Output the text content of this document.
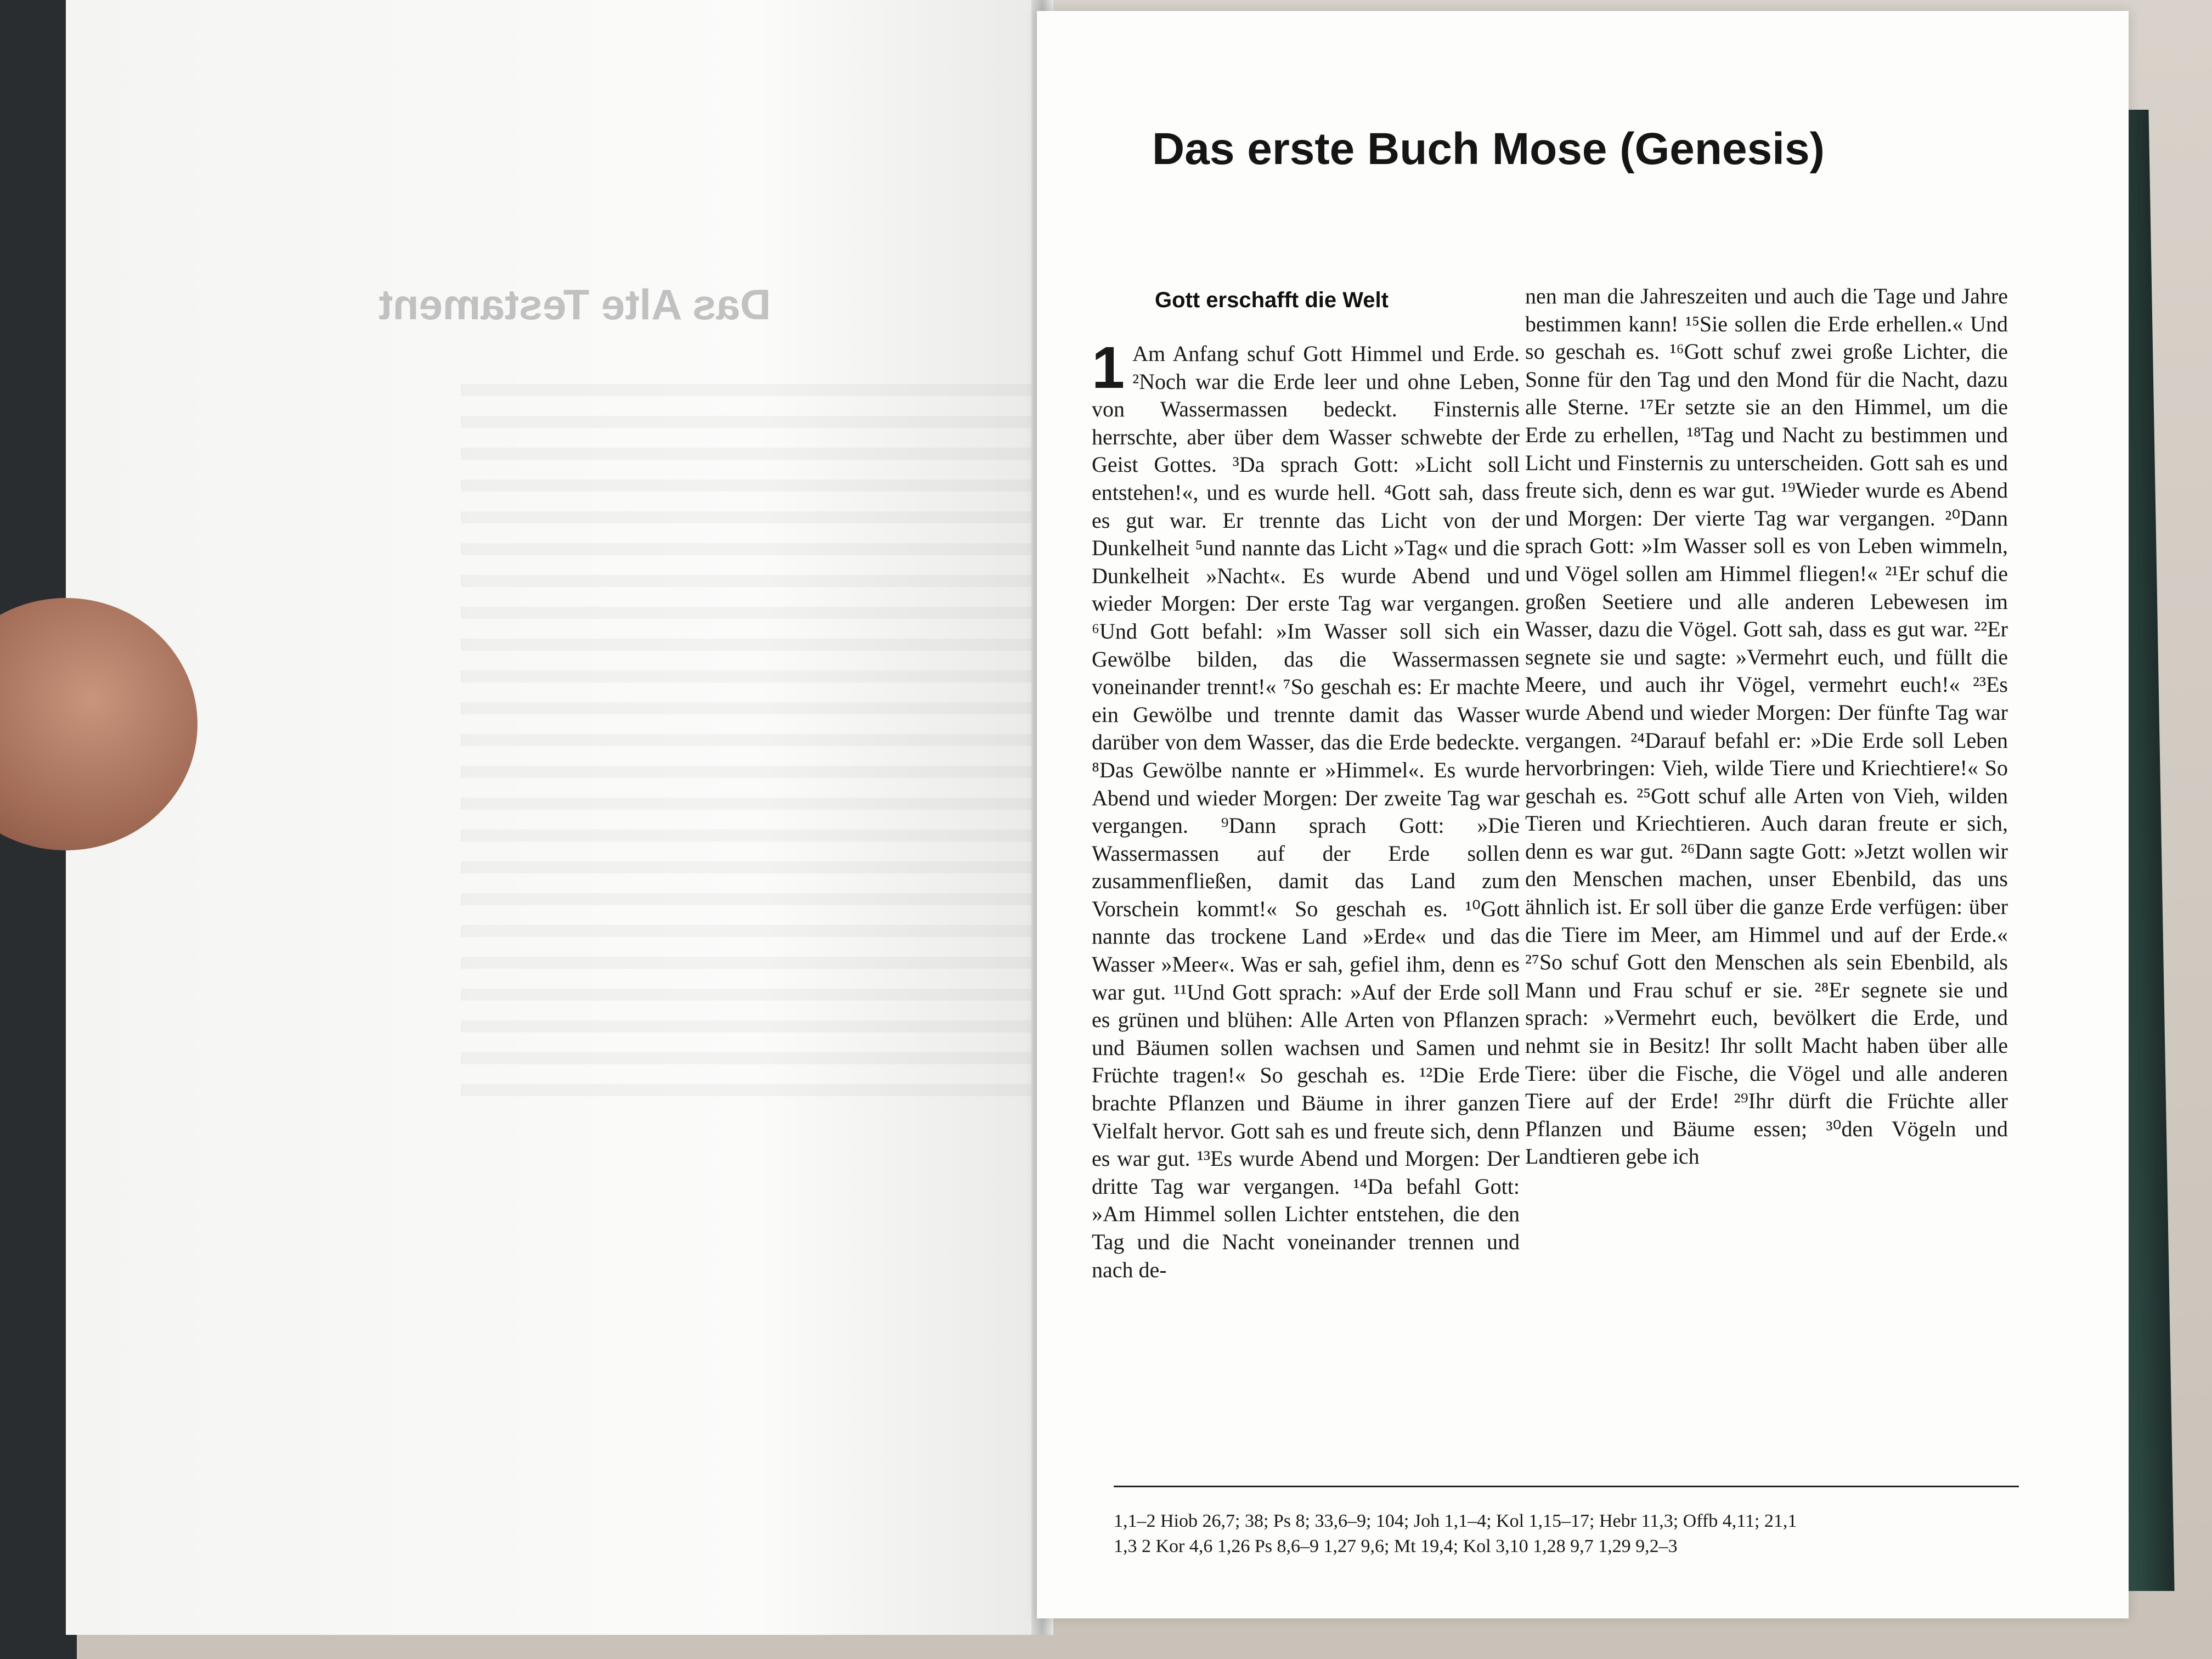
Das Alte Testament
Das erste Buch Mose (Genesis)
Gott erschafft die Welt
1 Am Anfang schuf Gott Himmel und Erde. ²Noch war die Erde leer und ohne Leben, von Wassermassen bedeckt. Finsternis herrschte, aber über dem Wasser schwebte der Geist Gottes. ³Da sprach Gott: »Licht soll entstehen!«, und es wurde hell. ⁴Gott sah, dass es gut war. Er trennte das Licht von der Dunkelheit ⁵und nannte das Licht »Tag« und die Dunkelheit »Nacht«. Es wurde Abend und wieder Morgen: Der erste Tag war vergangen. ⁶Und Gott befahl: »Im Wasser soll sich ein Gewölbe bilden, das die Wassermassen voneinander trennt!« ⁷So geschah es: Er machte ein Gewölbe und trennte damit das Wasser darüber von dem Wasser, das die Erde bedeckte. ⁸Das Gewölbe nannte er »Himmel«. Es wurde Abend und wieder Morgen: Der zweite Tag war vergangen. ⁹Dann sprach Gott: »Die Wassermassen auf der Erde sollen zusammenfließen, damit das Land zum Vorschein kommt!« So geschah es. ¹⁰Gott nannte das trockene Land »Erde« und das Wasser »Meer«. Was er sah, gefiel ihm, denn es war gut. ¹¹Und Gott sprach: »Auf der Erde soll es grünen und blühen: Alle Arten von Pflanzen und Bäumen sollen wachsen und Samen und Früchte tragen!« So geschah es. ¹²Die Erde brachte Pflanzen und Bäume in ihrer ganzen Vielfalt hervor. Gott sah es und freute sich, denn es war gut. ¹³Es wurde Abend und Morgen: Der dritte Tag war vergangen. ¹⁴Da befahl Gott: »Am Himmel sollen Lichter entstehen, die den Tag und die Nacht voneinander trennen und nach de-
nen man die Jahreszeiten und auch die Tage und Jahre bestimmen kann! ¹⁵Sie sollen die Erde erhellen.« Und so geschah es. ¹⁶Gott schuf zwei große Lichter, die Sonne für den Tag und den Mond für die Nacht, dazu alle Sterne. ¹⁷Er setzte sie an den Himmel, um die Erde zu erhellen, ¹⁸Tag und Nacht zu bestimmen und Licht und Finsternis zu unterscheiden. Gott sah es und freute sich, denn es war gut. ¹⁹Wieder wurde es Abend und Morgen: Der vierte Tag war vergangen. ²⁰Dann sprach Gott: »Im Wasser soll es von Leben wimmeln, und Vögel sollen am Himmel fliegen!« ²¹Er schuf die großen Seetiere und alle anderen Lebewesen im Wasser, dazu die Vögel. Gott sah, dass es gut war. ²²Er segnete sie und sagte: »Vermehrt euch, und füllt die Meere, und auch ihr Vögel, vermehrt euch!« ²³Es wurde Abend und wieder Morgen: Der fünfte Tag war vergangen. ²⁴Darauf befahl er: »Die Erde soll Leben hervorbringen: Vieh, wilde Tiere und Kriechtiere!« So geschah es. ²⁵Gott schuf alle Arten von Vieh, wilden Tieren und Kriechtieren. Auch daran freute er sich, denn es war gut. ²⁶Dann sagte Gott: »Jetzt wollen wir den Menschen machen, unser Ebenbild, das uns ähnlich ist. Er soll über die ganze Erde verfügen: über die Tiere im Meer, am Himmel und auf der Erde.« ²⁷So schuf Gott den Menschen als sein Ebenbild, als Mann und Frau schuf er sie. ²⁸Er segnete sie und sprach: »Vermehrt euch, bevölkert die Erde, und nehmt sie in Besitz! Ihr sollt Macht haben über alle Tiere: über die Fische, die Vögel und alle anderen Tiere auf der Erde! ²⁹Ihr dürft die Früchte aller Pflanzen und Bäume essen; ³⁰den Vögeln und Landtieren gebe ich

1,1–2 Hiob 26,7; 38; Ps 8; 33,6–9; 104; Joh 1,1–4; Kol 1,15–17; Hebr 11,3; Offb 4,11; 21,1

1,3 2 Kor 4,6 1,26 Ps 8,6–9 1,27 9,6; Mt 19,4; Kol 3,10 1,28 9,7 1,29 9,2–3
